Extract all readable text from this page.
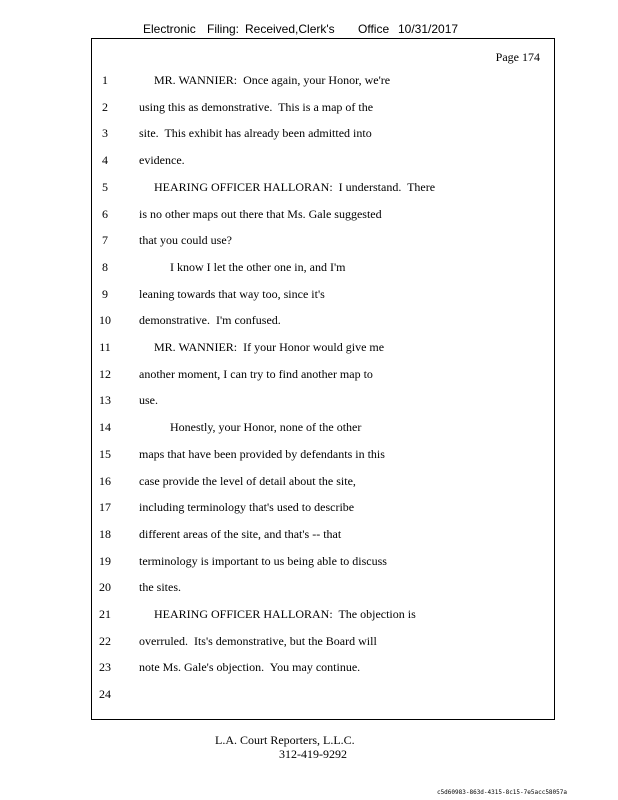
Electronic Filing: Received,Clerk's Office 10/31/2017
Page 174
1	MR. WANNIER:  Once again, your Honor, we're
2	using this as demonstrative.  This is a map of the
3	site.  This exhibit has already been admitted into
4	evidence.
5	HEARING OFFICER HALLORAN:  I understand.  There
6	is no other maps out there that Ms. Gale suggested
7	that you could use?
8	I know I let the other one in, and I'm
9	leaning towards that way too, since it's
10 demonstrative.  I'm confused.
11	MR. WANNIER:  If your Honor would give me
12 another moment, I can try to find another map to
13 use.
14	Honestly, your Honor, none of the other
15 maps that have been provided by defendants in this
16 case provide the level of detail about the site,
17 including terminology that's used to describe
18 different areas of the site, and that's -- that
19 terminology is important to us being able to discuss
20 the sites.
21	HEARING OFFICER HALLORAN:  The objection is
22 overruled.  Its's demonstrative, but the Board will
23 note Ms. Gale's objection.  You may continue.
24
L.A. Court Reporters, L.L.C.
312-419-9292
c5d60983-863d-4315-8c15-7e5acc58057a
